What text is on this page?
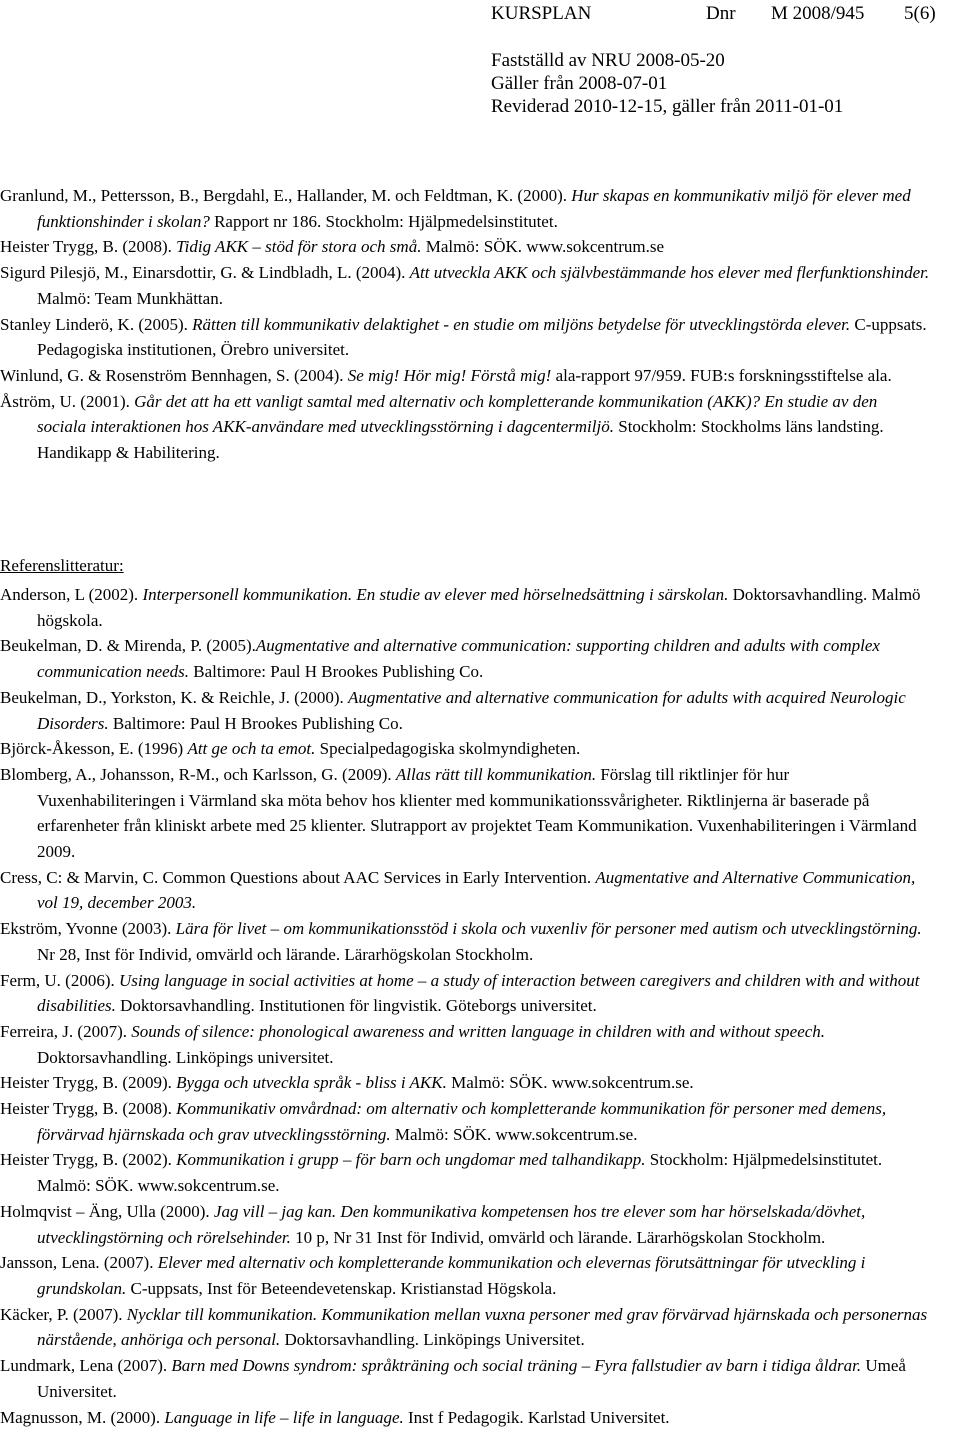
KURSPLAN	Dnr M 2008/945 5(6)
Fastställd av NRU 2008-05-20
Gäller från 2008-07-01
Reviderad 2010-12-15, gäller från 2011-01-01

Granlund, M., Pettersson, B., Bergdahl, E., Hallander, M. och Feldtman, K. (2000). Hur skapas en kommunikativ miljö för elever med funktionshinder i skolan? Rapport nr 186. Stockholm: Hjälpmedelsinstitutet.

Heister Trygg, B. (2008). Tidig AKK – stöd för stora och små. Malmö: SÖK. www.sokcentrum.se

Sigurd Pilesjö, M., Einarsdottir, G. & Lindbladh, L. (2004). Att utveckla AKK och självbestämmande hos elever med flerfunktionshinder. Malmö: Team Munkhättan.

Stanley Linderö, K. (2005). Rätten till kommunikativ delaktighet - en studie om miljöns betydelse för utvecklingstörda elever. C-uppsats. Pedagogiska institutionen, Örebro universitet.

Winlund, G. & Rosenström Bennhagen, S. (2004). Se mig! Hör mig! Förstå mig! ala-rapport 97/959. FUB:s forskningsstiftelse ala.

Åström, U. (2001). Går det att ha ett vanligt samtal med alternativ och kompletterande kommunikation (AKK)? En studie av den sociala interaktionen hos AKK-användare med utvecklingsstörning i dagcentermiljö. Stockholm: Stockholms läns landsting. Handikapp & Habilitering.

Referenslitteratur:

Anderson, L (2002). Interpersonell kommunikation. En studie av elever med hörselnedsättning i särskolan. Doktorsavhandling. Malmö högskola.

Beukelman, D. & Mirenda, P. (2005).Augmentative and alternative communication: supporting children and adults with complex communication needs. Baltimore: Paul H Brookes Publishing Co.

Beukelman, D., Yorkston, K. & Reichle, J. (2000). Augmentative and alternative communication for adults with acquired Neurologic Disorders. Baltimore: Paul H Brookes Publishing Co.

Björck-Åkesson, E. (1996) Att ge och ta emot. Specialpedagogiska skolmyndigheten.

Blomberg, A., Johansson, R-M., och Karlsson, G. (2009). Allas rätt till kommunikation. Förslag till riktlinjer för hur Vuxenhabiliteringen i Värmland ska möta behov hos klienter med kommunikationssvårigheter. Riktlinjerna är baserade på erfarenheter från kliniskt arbete med 25 klienter. Slutrapport av projektet Team Kommunikation. Vuxenhabiliteringen i Värmland 2009.

Cress, C: & Marvin, C. Common Questions about AAC Services in Early Intervention. Augmentative and Alternative Communication, vol 19, december 2003.

Ekström, Yvonne (2003). Lära för livet – om kommunikationsstöd i skola och vuxenliv för personer med autism och utvecklingstörning. Nr 28, Inst för Individ, omvärld och lärande. Lärarhögskolan Stockholm.

Ferm, U. (2006). Using language in social activities at home – a study of interaction between caregivers and children with and without disabilities. Doktorsavhandling. Institutionen för lingvistik. Göteborgs universitet.

Ferreira, J. (2007). Sounds of silence: phonological awareness and written language in children with and without speech. Doktorsavhandling. Linköpings universitet.

Heister Trygg, B. (2009). Bygga och utveckla språk - bliss i AKK. Malmö: SÖK. www.sokcentrum.se.

Heister Trygg, B. (2008). Kommunikativ omvårdnad: om alternativ och kompletterande kommunikation för personer med demens, förvärvad hjärnskada och grav utvecklingsstörning. Malmö: SÖK. www.sokcentrum.se.

Heister Trygg, B. (2002). Kommunikation i grupp – för barn och ungdomar med talhandikapp. Stockholm: Hjälpmedelsinstitutet. Malmö: SÖK. www.sokcentrum.se.

Holmqvist – Äng, Ulla (2000). Jag vill – jag kan. Den kommunikativa kompetensen hos tre elever som har hörselskada/dövhet, utvecklingstörning och rörelsehinder. 10 p, Nr 31 Inst för Individ, omvärld och lärande. Lärarhögskolan Stockholm.

Jansson, Lena. (2007). Elever med alternativ och kompletterande kommunikation och elevernas förutsättningar för utveckling i grundskolan. C-uppsats, Inst för Beteendevetenskap. Kristianstad Högskola.

Käcker, P. (2007). Nycklar till kommunikation. Kommunikation mellan vuxna personer med grav förvärvad hjärnskada och personernas närstående, anhöriga och personal. Doktorsavhandling. Linköpings Universitet.

Lundmark, Lena (2007). Barn med Downs syndrom: språkträning och social träning – Fyra fallstudier av barn i tidiga åldrar. Umeå Universitet.

Magnusson, M. (2000). Language in life – life in language. Inst f Pedagogik. Karlstad Universitet.
